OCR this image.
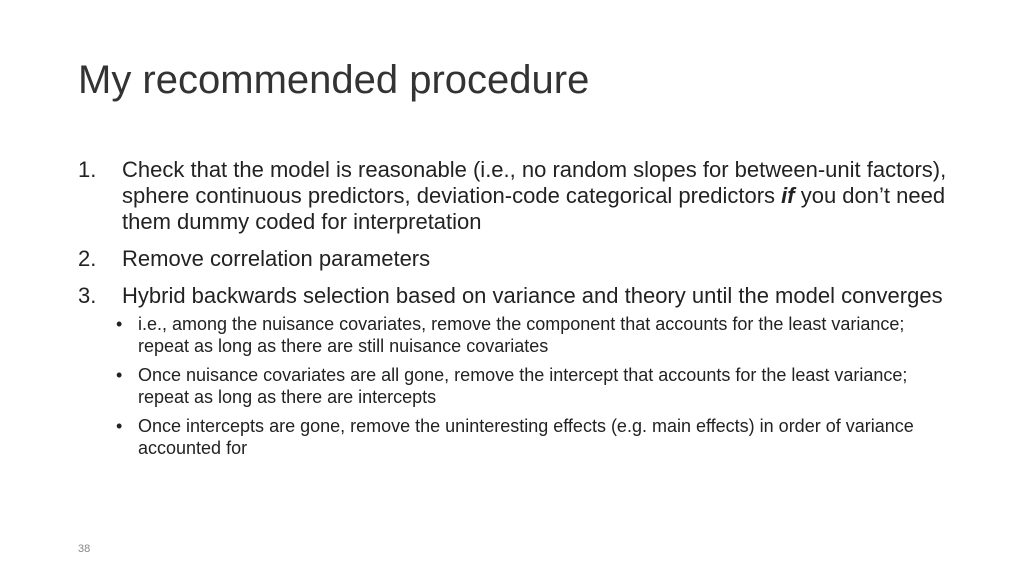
My recommended procedure
1.	Check that the model is reasonable (i.e., no random slopes for between-unit factors), sphere continuous predictors, deviation-code categorical predictors if you don’t need them dummy coded for interpretation
2.	Remove correlation parameters
3.	Hybrid backwards selection based on variance and theory until the model converges
• i.e., among the nuisance covariates, remove the component that accounts for the least variance; repeat as long as there are still nuisance covariates
• Once nuisance covariates are all gone, remove the intercept that accounts for the least variance; repeat as long as there are intercepts
• Once intercepts are gone, remove the uninteresting effects (e.g. main effects) in order of variance accounted for
38
